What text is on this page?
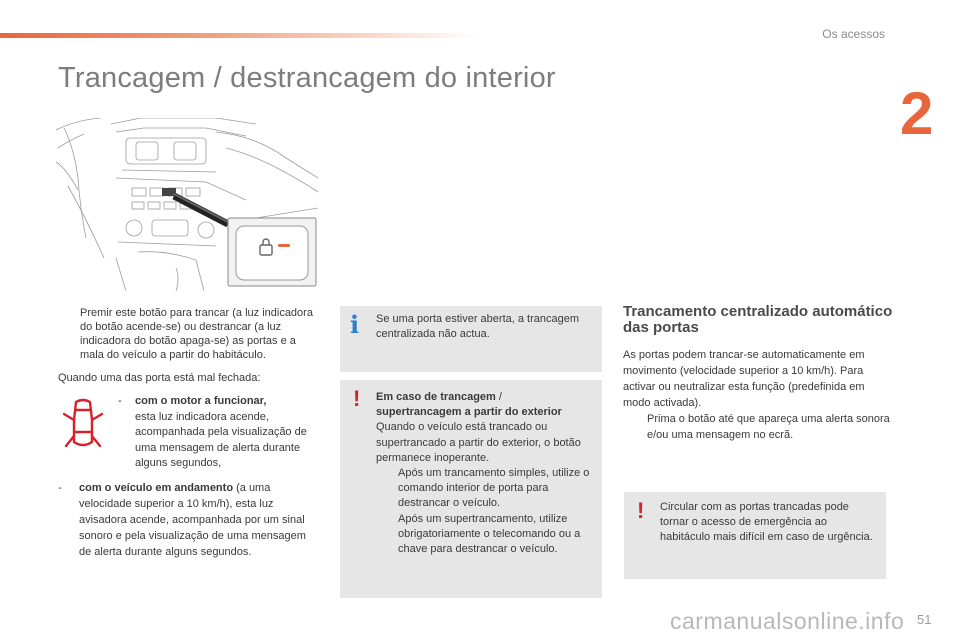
Os acessos
2
Trancagem / destrancagem do interior
Premir este botão para trancar (a luz indicadora do botão acende-se) ou destrancar (a luz indicadora do botão apaga-se) as portas e a mala do veículo a partir do habitáculo.

Quando uma das porta está mal fechada:

-	com o motor a funcionar,
esta luz indicadora acende, acompanhada pela visualização de uma mensagem de alerta durante alguns segundos,
-	com o veículo em andamento (a uma velocidade superior a 10 km/h), esta luz avisadora acende, acompanhada por um sinal sonoro e pela visualização de uma mensagem de alerta durante alguns segundos.
i Se uma porta estiver aberta, a trancagem centralizada não actua.
! Em caso de trancagem /
supertrancagem a partir do exterior
Quando o veículo está trancado ou supertrancado a partir do exterior, o botão permanece inoperante.
Após um trancamento simples, utilize o comando interior de porta para destrancar o veículo.
Após um supertrancamento, utilize obrigatoriamente o telecomando ou a chave para destrancar o veículo.
Trancamento centralizado automático das portas

As portas podem trancar-se automaticamente em movimento (velocidade superior a 10 km/h). Para activar ou neutralizar esta função (predefinida em modo activada).

Prima o botão até que apareça uma alerta sonora e/ou uma mensagem no ecrã.
! Circular com as portas trancadas pode tornar o acesso de emergência ao habitáculo mais difícil em caso de urgência.
carmanualsonline.info 51
